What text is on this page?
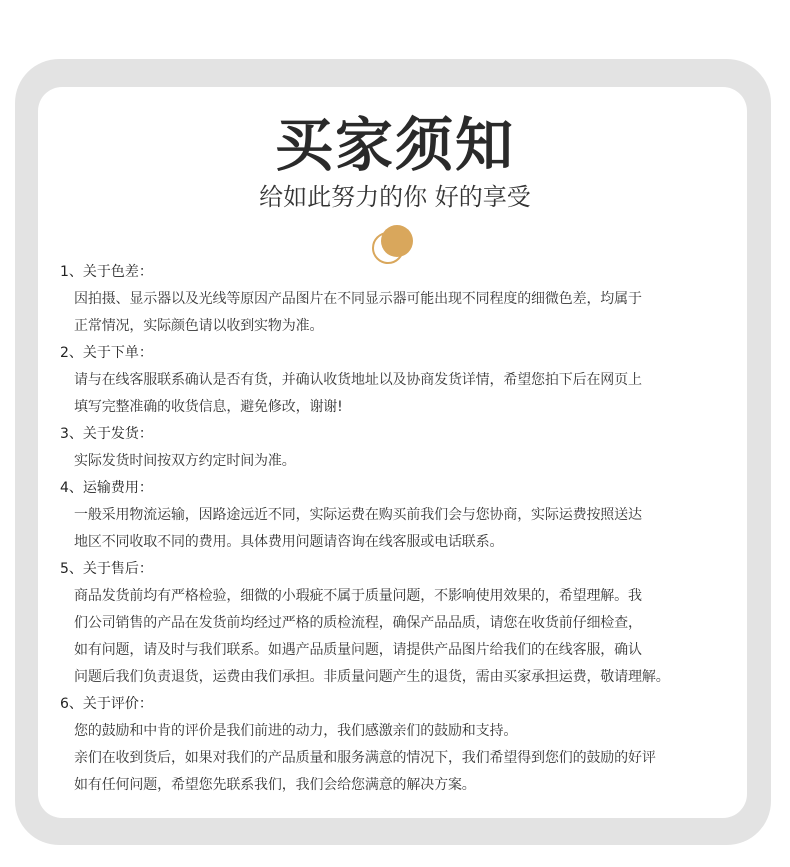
买家须知
给如此努力的你 好的享受
1、关于色差：
因拍摄、显示器以及光线等原因产品图片在不同显示器可能出现不同程度的细微色差，均属于
正常情况，实际颜色请以收到实物为准。
2、关于下单：
请与在线客服联系确认是否有货，并确认收货地址以及协商发货详情，希望您拍下后在网页上
填写完整准确的收货信息，避免修改，谢谢!
3、关于发货：
实际发货时间按双方约定时间为准。
4、运输费用：
一般采用物流运输，因路途远近不同，实际运费在购买前我们会与您协商，实际运费按照送达
地区不同收取不同的费用。具体费用问题请咨询在线客服或电话联系。
5、关于售后：
商品发货前均有严格检验，细微的小瑕疵不属于质量问题，不影响使用效果的，希望理解。我
们公司销售的产品在发货前均经过严格的质检流程，确保产品品质，请您在收货前仔细检查，
如有问题，请及时与我们联系。如遇产品质量问题，请提供产品图片给我们的在线客服，确认
问题后我们负责退货，运费由我们承担。非质量问题产生的退货，需由买家承担运费，敬请理解。
6、关于评价：
您的鼓励和中肯的评价是我们前进的动力，我们感激亲们的鼓励和支持。
亲们在收到货后，如果对我们的产品质量和服务满意的情况下，我们希望得到您们的鼓励的好评
如有任何问题，希望您先联系我们，我们会给您满意的解决方案。
